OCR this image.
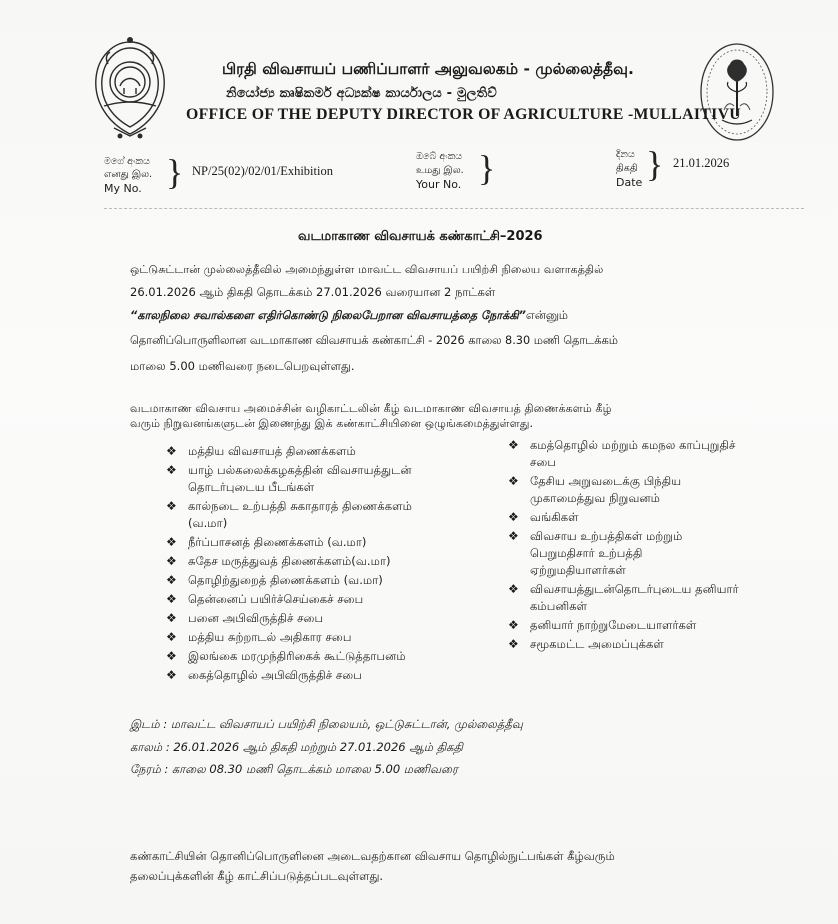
பிரதி விவசாயப் பணிப்பாளர் அலுவலகம் - முல்லைத்தீவு.
නියෝජ්‍ය කෘෂිකර්ම අධ්‍යක්ෂ කාර්යාලය - මුලතිව්
OFFICE OF THE DEPUTY DIRECTOR OF AGRICULTURE -MULLAITIVU
මගේ අංකය
எனது இல.
My No. } NP/25(02)/02/01/Exhibition
ඔබේ අංකය
உமது இல.
Your No. }	දිනය
திகதி
Date } 21.01.2026
வடமாகாண விவசாயக் கண்காட்சி–2026
ஒட்டுசுட்டான் முல்லைத்தீவில் அமைந்துள்ள மாவட்ட விவசாயப் பயிற்சி நிலைய வளாகத்தில்
26.01.2026 ஆம் திகதி தொடக்கம் 27.01.2026 வரையான 2 நாட்கள்
“காலநிலை சவால்களை எதிர்கொண்டு நிலைபேறான விவசாயத்தை நோக்கி”என்னும்
தொனிப்பொருளிலான வடமாகாண விவசாயக் கண்காட்சி - 2026 காலை 8.30 மணி தொடக்கம்
மாலை 5.00 மணிவரை நடைபெறவுள்ளது.
வடமாகாண விவசாய அமைச்சின் வழிகாட்டலின் கீழ் வடமாகாண விவசாயத் திணைக்களம் கீழ்
வரும் நிறுவனங்களுடன் இணைந்து இக் கண்காட்சியினை ஒழுங்கமைத்துள்ளது.
❖ மத்திய விவசாயத் திணைக்களம்
❖ யாழ் பல்கலைக்கழகத்தின் விவசாயத்துடன்
தொடர்புடைய பீடங்கள்
❖ கால்நடை உற்பத்தி சுகாதாரத் திணைக்களம்
(வ.மா)
❖ நீர்ப்பாசனத் திணைக்களம் (வ.மா)
❖ சுதேச மருத்துவத் திணைக்களம்(வ.மா)
❖ தொழிற்துறைத் திணைக்களம் (வ.மா)
❖ தென்னைப் பயிர்ச்செய்கைச் சபை
❖ பனை அபிவிருத்திச் சபை
❖ மத்திய சுற்றாடல் அதிகார சபை
❖ இலங்கை மரமுந்திரிகைக் கூட்டுத்தாபனம்
❖ கைத்தொழில் அபிவிருத்திச் சபை
❖ கமத்தொழில் மற்றும் கமநல காப்புறுதிச்
சபை
❖ தேசிய அறுவடைக்கு பிந்திய
முகாமைத்துவ நிறுவனம்
❖ வங்கிகள்
❖ விவசாய உற்பத்திகள் மற்றும்
பெறுமதிசார் உற்பத்தி
ஏற்றுமதியாளர்கள்
❖ விவசாயத்துடன்தொடர்புடைய தனியார்
கம்பனிகள்
❖ தனியார் நாற்றுமேடையாளர்கள்
❖ சமூகமட்ட அமைப்புக்கள்
இடம் : மாவட்ட விவசாயப் பயிற்சி நிலையம், ஒட்டுசுட்டான், முல்லைத்தீவு
காலம் : 26.01.2026 ஆம் திகதி மற்றும் 27.01.2026 ஆம் திகதி
நேரம் : காலை 08.30 மணி தொடக்கம் மாலை 5.00 மணிவரை
கண்காட்சியின் தொனிப்பொருளினை அடைவதற்கான விவசாய தொழில்நுட்பங்கள் கீழ்வரும்
தலைப்புக்களின் கீழ் காட்சிப்படுத்தப்படவுள்ளது.
